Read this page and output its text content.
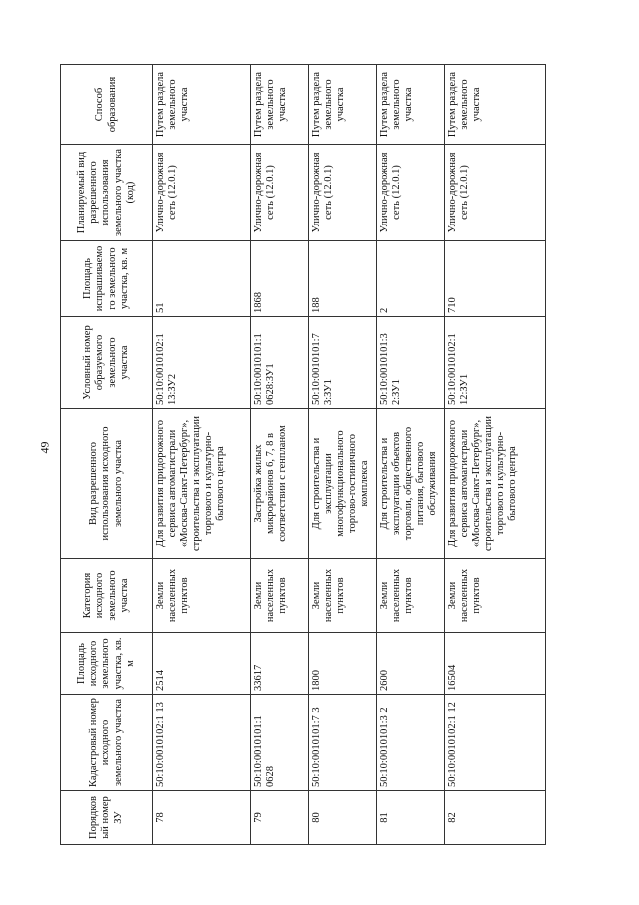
49
Порядковый номер ЗУ	Кадастровый номер исходного земельного участка	Площадь исходного земельного участка, кв. м	Категория исходного земельного участка	Вид разрешенного использования исходного земельного участка	Условный номер образуемого земельного участка	Площадь испрашиваемого земельного участка, кв. м	Планируемый вид разрешенного использования земельного участка (код)	Способ образования
78	50:10:0010102:1 13	2514	Земли населенных пунктов	Для развития придорожного сервиса автомагистрали «Москва-Санкт-Петербург», строительства и эксплуатации торгового и культурно-бытового центра	50:10:0010102:1 13:ЗУ2	51	Улично-дорожная сеть (12.0.1)	Путем раздела земельного участка
79	50:10:0010101:1 0628	33617	Земли населенных пунктов	Застройка жилых микрорайонов 6, 7, 8 в соответствии с генпланом	50:10:0010101:1 0628:ЗУ1	1868	Улично-дорожная сеть (12.0.1)	Путем раздела земельного участка
80	50:10:0010101:7 3	1800	Земли населенных пунктов	Для строительства и эксплуатации многофункционального торгово-гостиничного комплекса	50:10:0010101:7 3:ЗУ1	188	Улично-дорожная сеть (12.0.1)	Путем раздела земельного участка
81	50:10:0010101:3 2	2600	Земли населенных пунктов	Для строительства и эксплуатации объектов торговли, общественного питания, бытового обслуживания	50:10:0010101:3 2:ЗУ1	2	Улично-дорожная сеть (12.0.1)	Путем раздела земельного участка
82	50:10:0010102:1 12	16504	Земли населенных пунктов	Для развития придорожного сервиса автомагистрали «Москва-Санкт-Петербург», строительства и эксплуатации торгового и культурно-бытового центра	50:10:0010102:1 12:ЗУ1	710	Улично-дорожная сеть (12.0.1)	Путем раздела земельного участка
